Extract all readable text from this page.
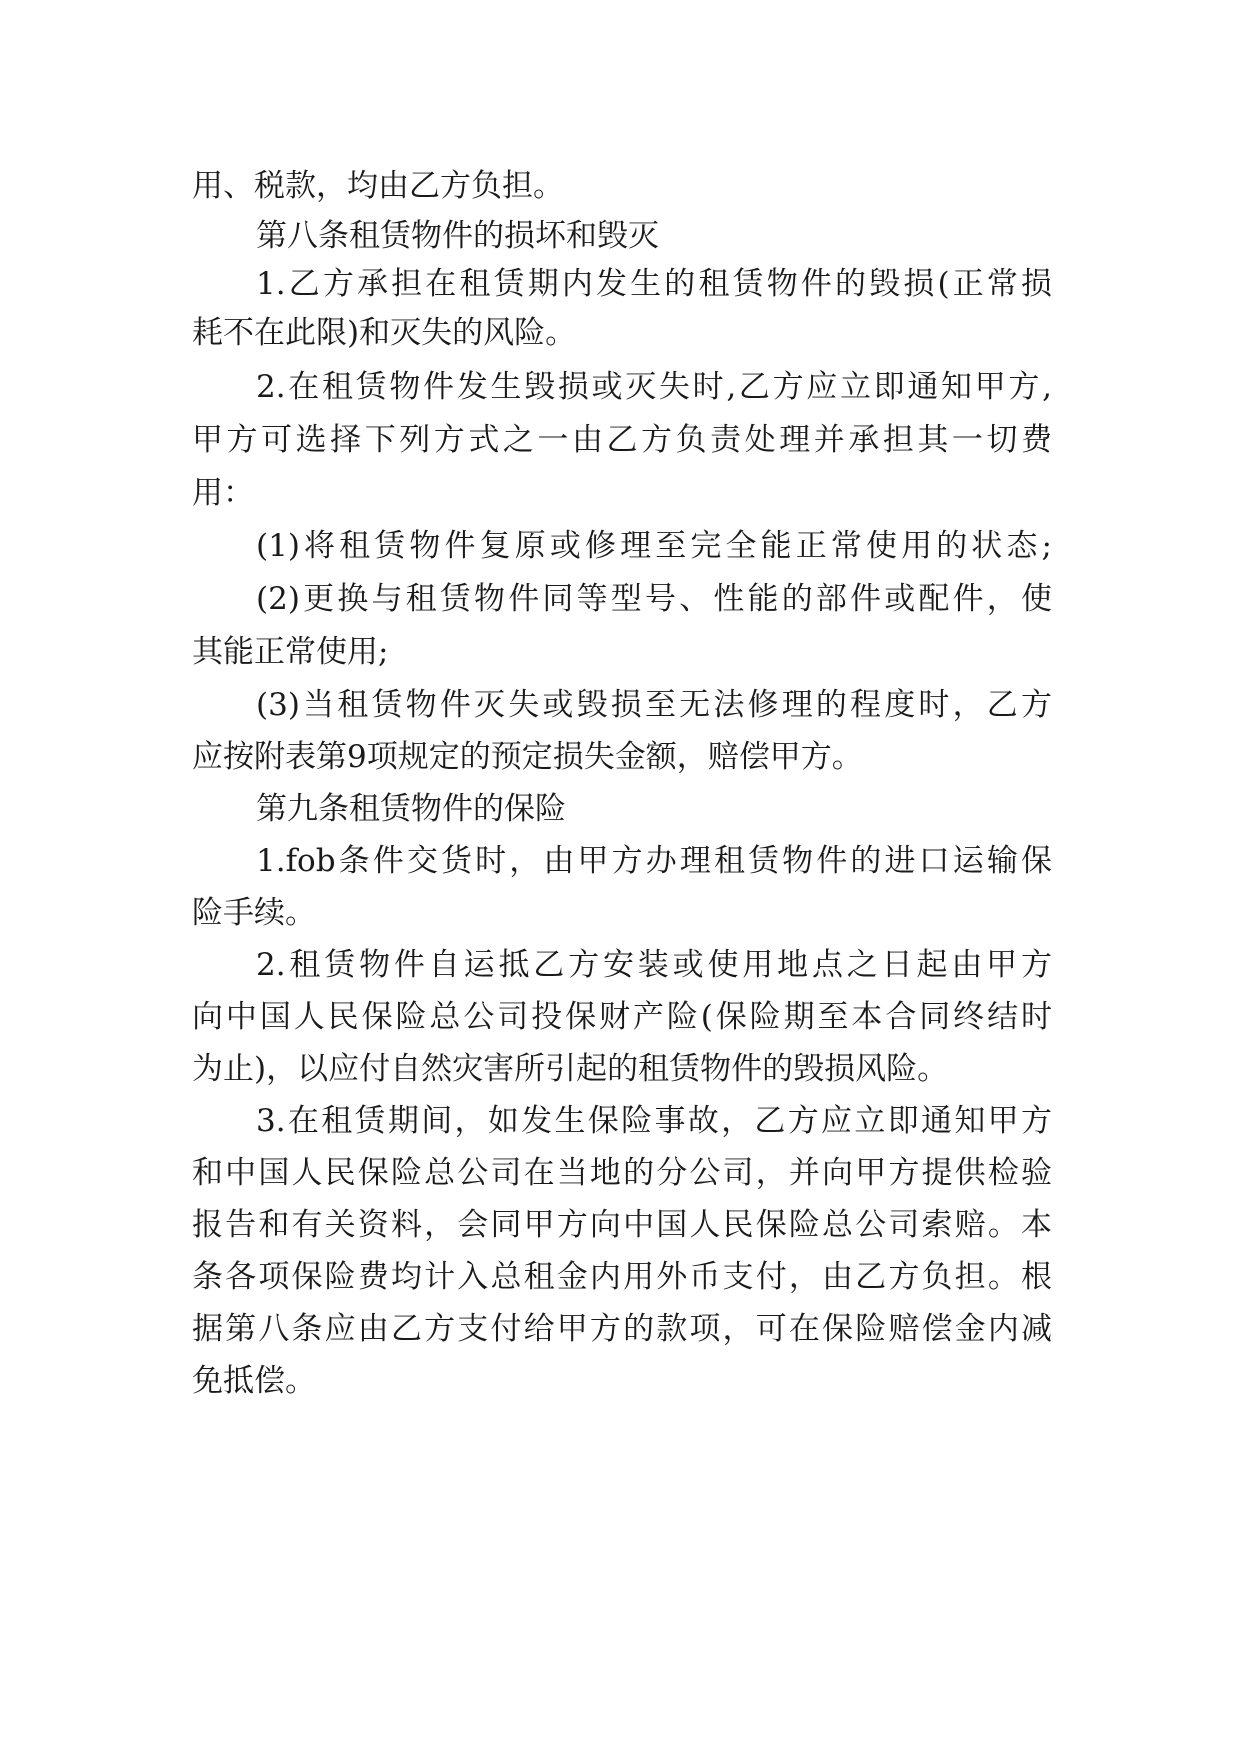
用、税款，均由乙方负担。
第八条租赁物件的损坏和毁灭
1.乙方承担在租赁期内发生的租赁物件的毁损(正常损
耗不在此限)和灭失的风险。
2.在租赁物件发生毁损或灭失时,乙方应立即通知甲方,
甲方可选择下列方式之一由乙方负责处理并承担其一切费
用：
(1)将租赁物件复原或修理至完全能正常使用的状态;
(2)更换与租赁物件同等型号、性能的部件或配件，使
其能正常使用;
(3)当租赁物件灭失或毁损至无法修理的程度时，乙方
应按附表第9项规定的预定损失金额，赔偿甲方。
第九条租赁物件的保险
1.fob条件交货时，由甲方办理租赁物件的进口运输保
险手续。
2.租赁物件自运抵乙方安装或使用地点之日起由甲方
向中国人民保险总公司投保财产险(保险期至本合同终结时
为止)，以应付自然灾害所引起的租赁物件的毁损风险。
3.在租赁期间，如发生保险事故，乙方应立即通知甲方
和中国人民保险总公司在当地的分公司，并向甲方提供检验
报告和有关资料，会同甲方向中国人民保险总公司索赔。本
条各项保险费均计入总租金内用外币支付，由乙方负担。根
据第八条应由乙方支付给甲方的款项，可在保险赔偿金内减
免抵偿。
